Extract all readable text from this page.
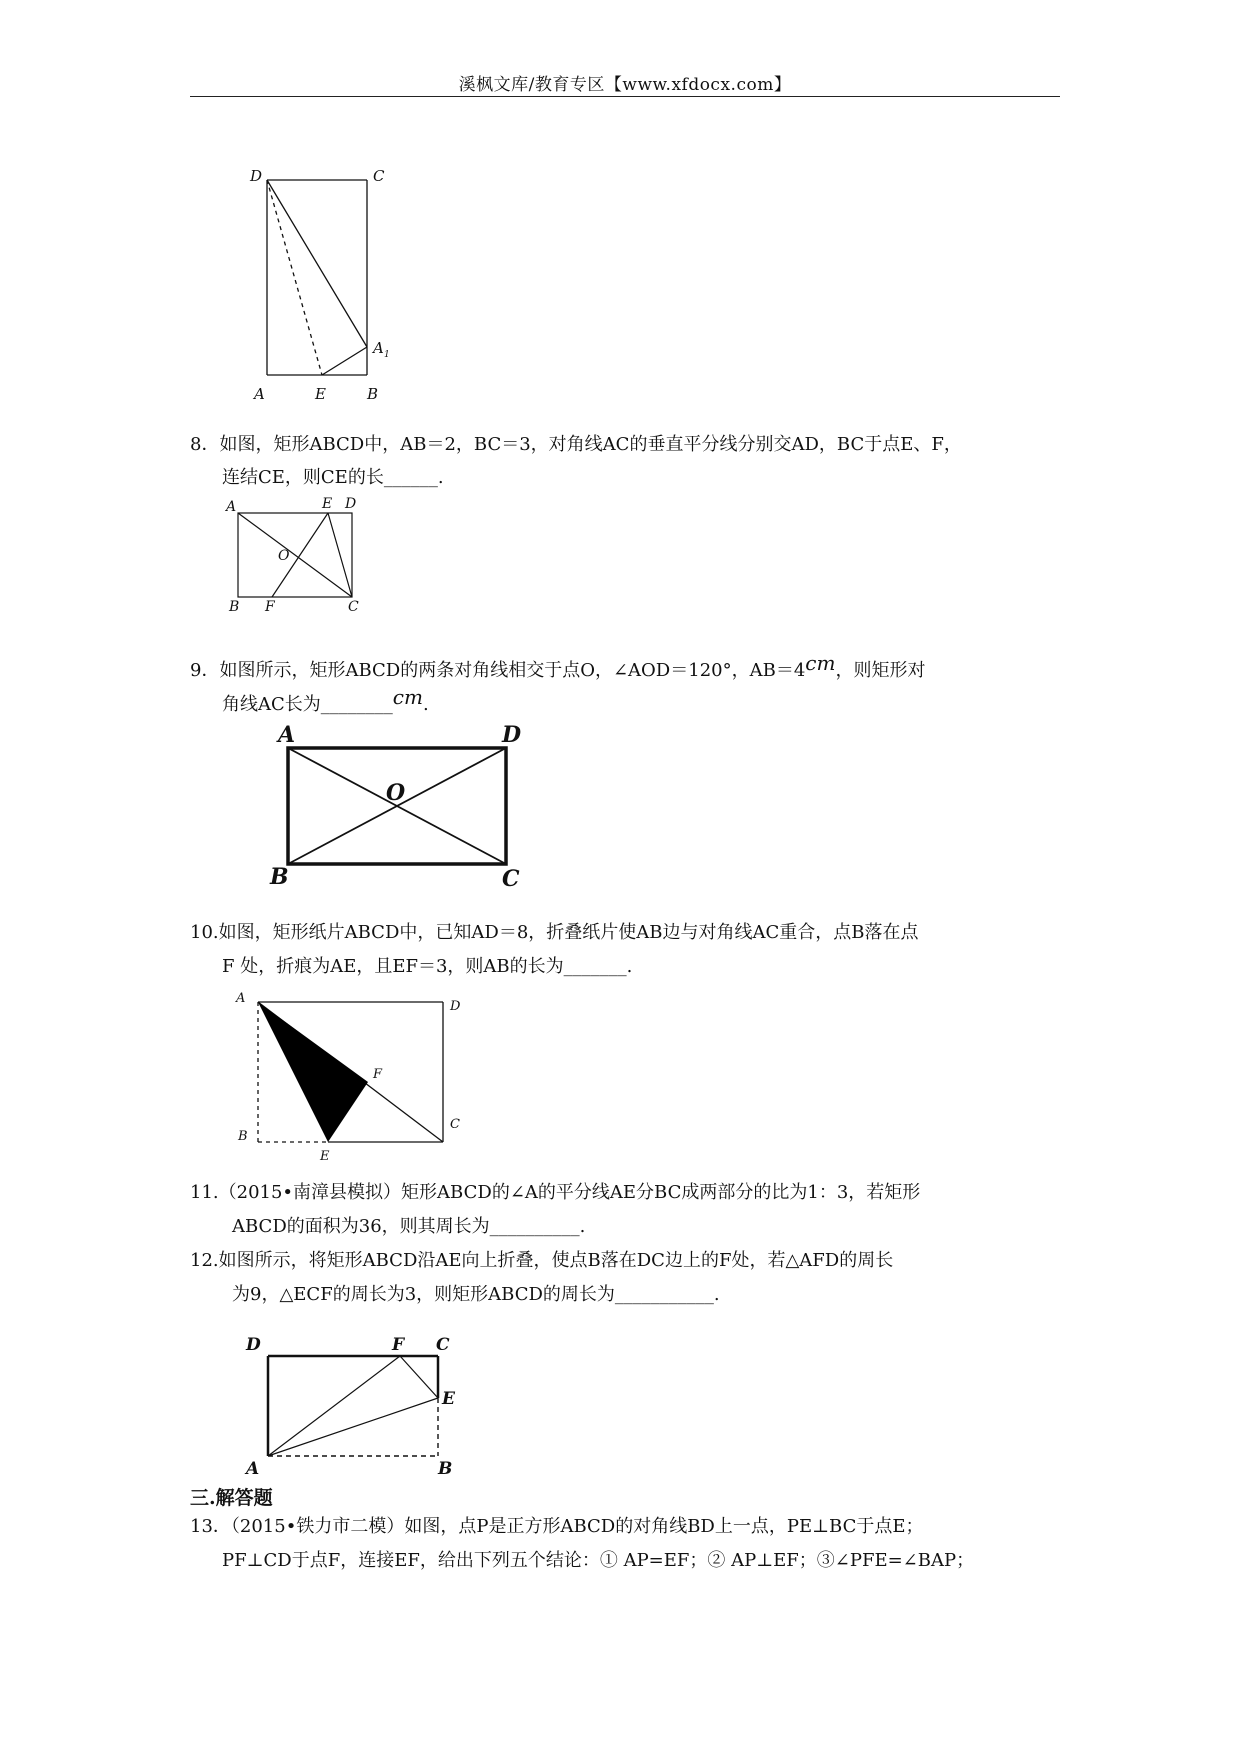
溪枫文库/教育专区【www.xfdocx.com】
D	C
A	E	B
A 1
8．如图，矩形ABCD中，AB＝2，BC＝3，对角线AC的垂直平分线分别交AD，BC于点E、F，
连结CE，则CE的长______.
A	E D
O
B F	C
9．如图所示，矩形ABCD的两条对角线相交于点O，∠AOD＝120°，AB＝4cm，则矩形对
角线AC长为________cm.
A	D
O
B	C
10.如图，矩形纸片ABCD中，已知AD＝8，折叠纸片使AB边与对角线AC重合，点B落在点
F 处，折痕为AE，且EF＝3，则AB的长为_______.
A
D
F
C
B
E
11.（2015•南漳县模拟）矩形ABCD的∠A的平分线AE分BC成两部分的比为1：3，若矩形
ABCD的面积为36，则其周长为__________.
12.如图所示，将矩形ABCD沿AE向上折叠，使点B落在DC边上的F处，若△AFD的周长
为9，△ECF的周长为3，则矩形ABCD的周长为___________.
D	F C
E
A	B
三.解答题
13．（2015•铁力市二模）如图，点P是正方形ABCD的对角线BD上一点，PE⊥BC于点E；
PF⊥CD于点F，连接EF，给出下列五个结论：① AP=EF；② AP⊥EF；③∠PFE=∠BAP；
